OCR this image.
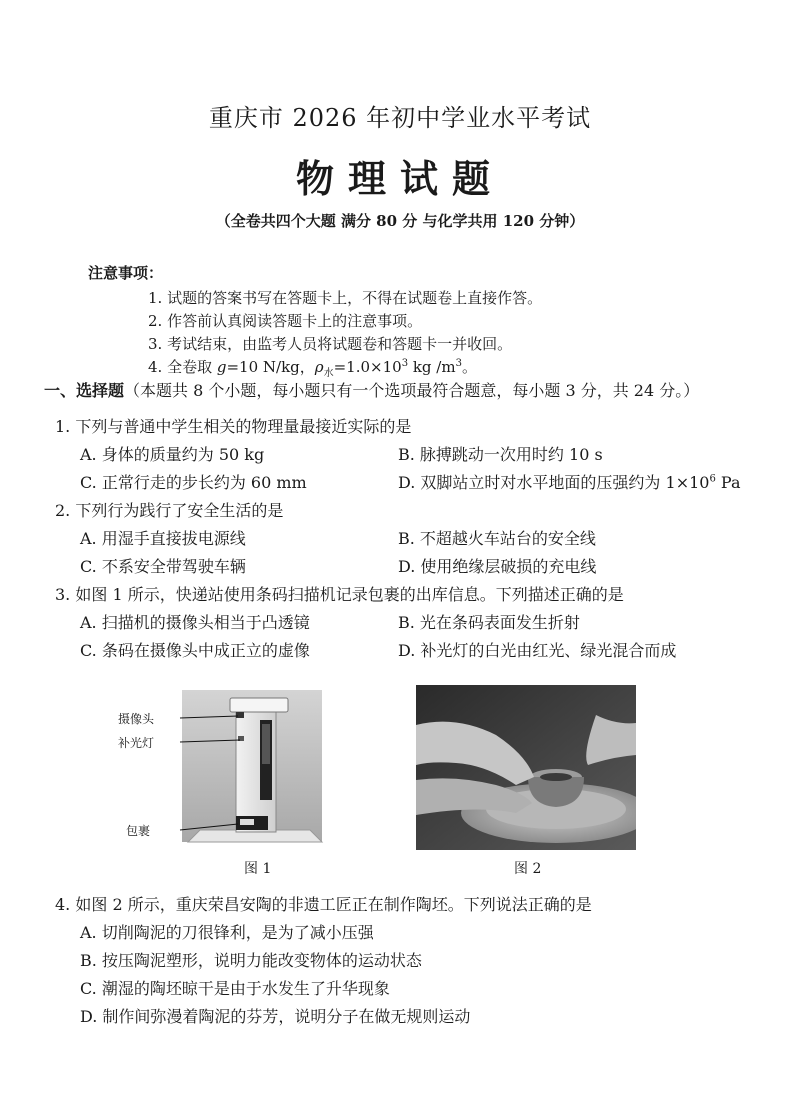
重庆市 2026 年初中学业水平考试
物理试题
（全卷共四个大题 满分 80 分 与化学共用 120 分钟）
注意事项：
1. 试题的答案书写在答题卡上，不得在试题卷上直接作答。
2. 作答前认真阅读答题卡上的注意事项。
3. 考试结束，由监考人员将试题卷和答题卡一并收回。
4. 全卷取 g=10 N/kg，$\rho_水=1.0\times 10^3$ kg $/m^3$。
一、选择题（本题共 8 个小题，每小题只有一个选项最符合题意，每小题 3 分，共 24 分。）
1. 下列与普通中学生相关的物理量最接近实际的是
A. 身体的质量约为 50 kg	B. 脉搏跳动一次用时约 10 s
C. 正常行走的步长约为 60 mm	D. 双脚站立时对水平地面的压强约为 $1\times 10^6$ Pa
2. 下列行为践行了安全生活的是
A. 用湿手直接拔电源线	B. 不超越火车站台的安全线
C. 不系安全带驾驶车辆	D. 使用绝缘层破损的充电线
3. 如图 1 所示，快递站使用条码扫描机记录包裹的出库信息。下列描述正确的是
A. 扫描机的摄像头相当于凸透镜	B. 光在条码表面发生折射
C. 条码在摄像头中成正立的虚像	D. 补光灯的白光由红光、绿光混合而成
摄像头
补光灯
包裹
图 1	图 2
4. 如图 2 所示，重庆荣昌安陶的非遗工匠正在制作陶坯。下列说法正确的是
A. 切削陶泥的刀很锋利，是为了减小压强
B. 按压陶泥塑形，说明力能改变物体的运动状态
C. 潮湿的陶坯晾干是由于水发生了升华现象
D. 制作间弥漫着陶泥的芬芳，说明分子在做无规则运动
